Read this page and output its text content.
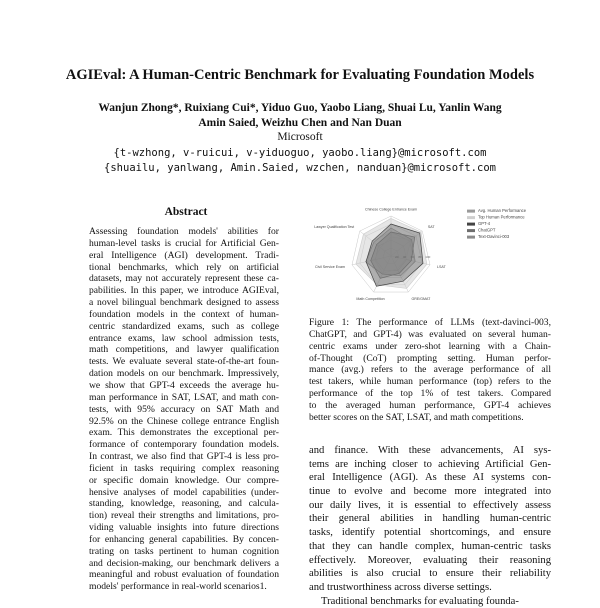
AGIEval: A Human-Centric Benchmark for Evaluating Foundation Models
Wanjun Zhong*, Ruixiang Cui*, Yiduo Guo, Yaobo Liang, Shuai Lu, Yanlin Wang
Amin Saied, Weizhu Chen and Nan Duan
Microsoft
{t-wzhong, v-ruicui, v-yiduoguo, yaobo.liang}@microsoft.com
{shuailu, yanlwang, Amin.Saied, wzchen, nanduan}@microsoft.com
Abstract
Assessing foundation models' abilities for
human-level tasks is crucial for Artificial Gen-
eral Intelligence (AGI) development. Tradi-
tional benchmarks, which rely on artificial
datasets, may not accurately represent these ca-
pabilities. In this paper, we introduce AGIEval,
a novel bilingual benchmark designed to assess
foundation models in the context of human-
centric standardized exams, such as college
entrance exams, law school admission tests,
math competitions, and lawyer qualification
tests. We evaluate several state-of-the-art foun-
dation models on our benchmark. Impressively,
we show that GPT-4 exceeds the average hu-
man performance in SAT, LSAT, and math con-
tests, with 95% accuracy on SAT Math and
92.5% on the Chinese college entrance English
exam. This demonstrates the exceptional per-
formance of contemporary foundation models.
In contrast, we also find that GPT-4 is less pro-
ficient in tasks requiring complex reasoning
or specific domain knowledge. Our compre-
hensive analyses of model capabilities (under-
standing, knowledge, reasoning, and calcula-
tion) reveal their strengths and limitations, pro-
viding valuable insights into future directions
for enhancing general capabilities. By concen-
trating on tasks pertinent to human cognition
and decision-making, our benchmark delivers a
meaningful and robust evaluation of foundation
models' performance in real-world scenarios1.
20 40 60 80 100
Chinese College Entrance Exam
SAT
LSAT
GRE/GMAT
Math Competition
Civil Service Exam
Lawyer Qualification Test
Avg. Human Performance
Top Human Performance
GPT-4
ChatGPT
Text-Davinci-003
Figure 1: The performance of LLMs (text-davinci-003,
ChatGPT, and GPT-4) was evaluated on several human-
centric exams under zero-shot learning with a Chain-
of-Thought (CoT) prompting setting. Human perfor-
mance (avg.) refers to the average performance of all
test takers, while human performance (top) refers to the
performance of the top 1% of test takers. Compared
to the averaged human performance, GPT-4 achieves
better scores on the SAT, LSAT, and math competitions.
and finance. With these advancements, AI sys-
tems are inching closer to achieving Artificial Gen-
eral Intelligence (AGI). As these AI systems con-
tinue to evolve and become more integrated into
our daily lives, it is essential to effectively assess
their general abilities in handling human-centric
tasks, identify potential shortcomings, and ensure
that they can handle complex, human-centric tasks
effectively. Moreover, evaluating their reasoning
abilities is also crucial to ensure their reliability
and trustworthiness across diverse settings.
Traditional benchmarks for evaluating founda-
